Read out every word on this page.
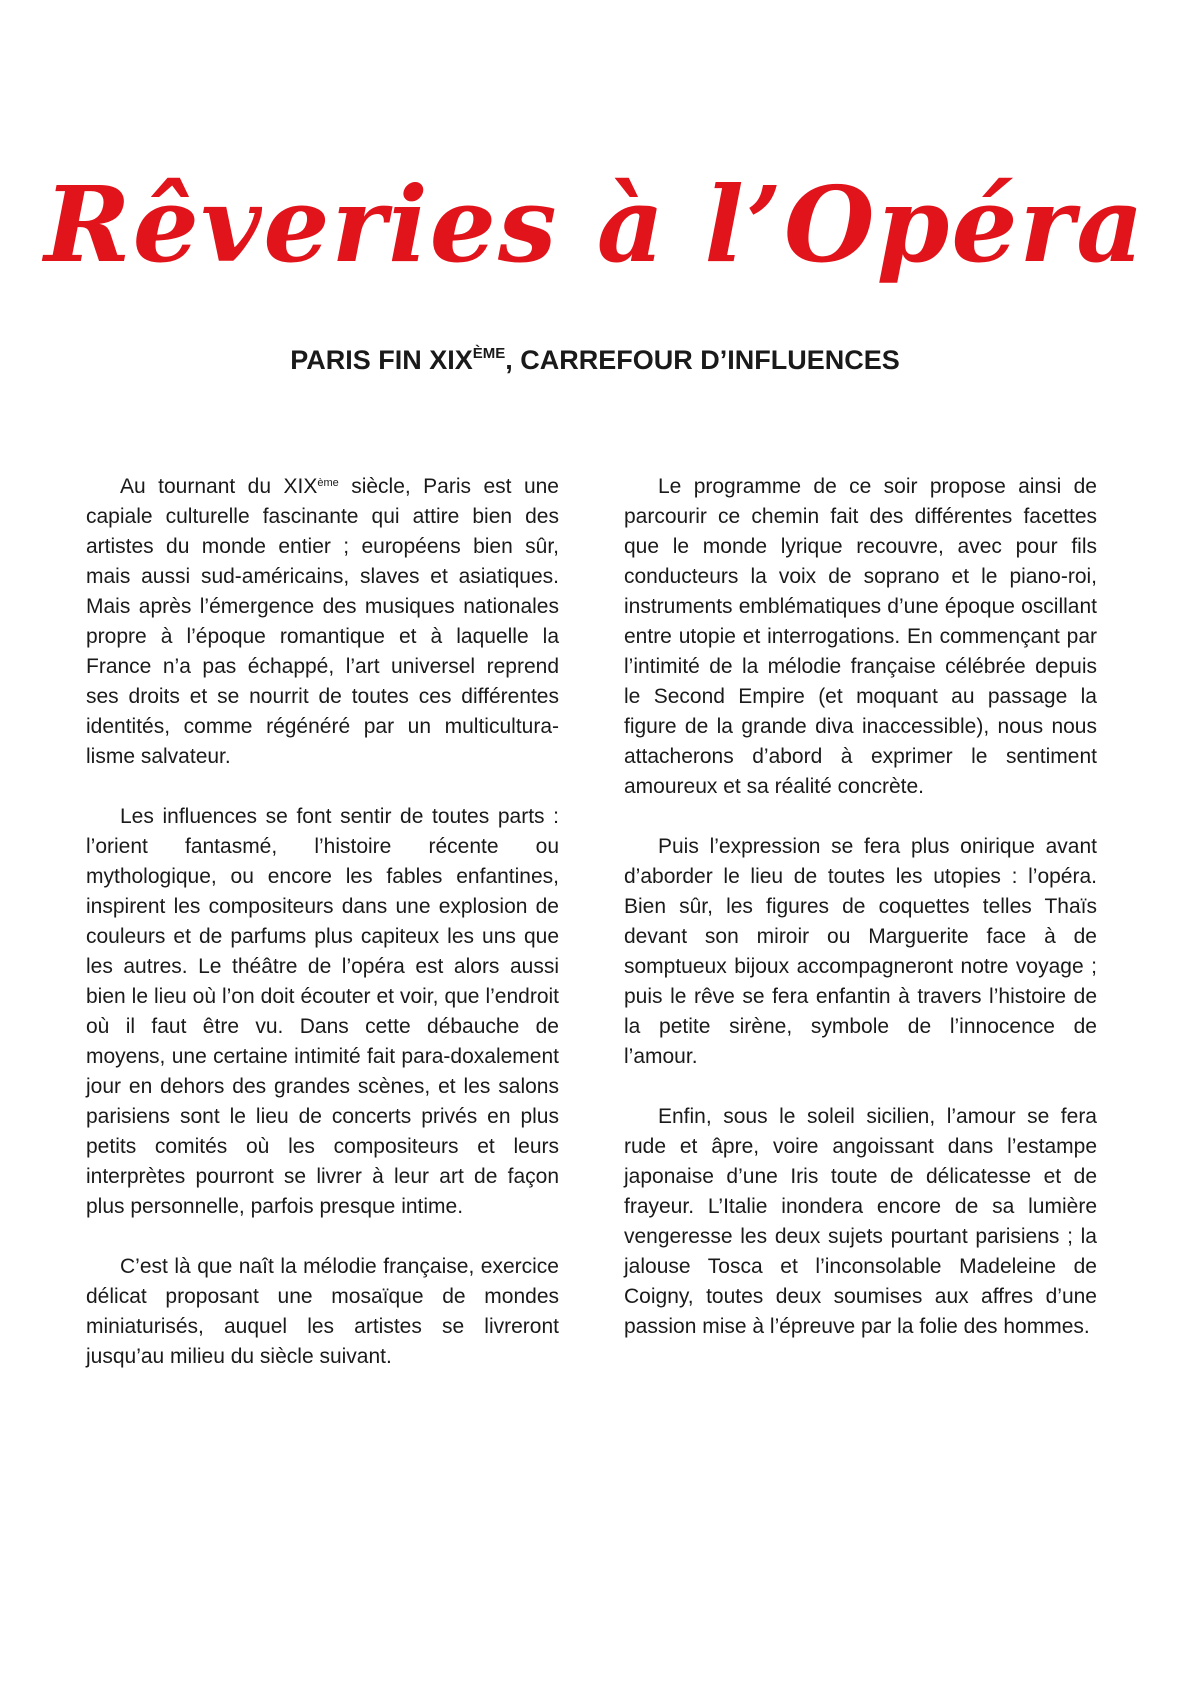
Rêveries à l’Opéra
PARIS FIN XIXÈME, CARREFOUR D’INFLUENCES

Au tournant du XIXème siècle, Paris est une capiale culturelle fascinante qui attire bien des artistes du monde entier ; européens bien sûr, mais aussi sud-américains, slaves et asiatiques. Mais après l’émergence des musiques nationales propre à l’époque romantique et à laquelle la France n’a pas échappé, l’art universel reprend ses droits et se nourrit de toutes ces différentes identités, comme régénéré par un multicultura-lisme salvateur.

Les influences se font sentir de toutes parts : l’orient fantasmé, l’histoire récente ou mythologique, ou encore les fables enfantines, inspirent les compositeurs dans une explosion de couleurs et de parfums plus capiteux les uns que les autres. Le théâtre de l’opéra est alors aussi bien le lieu où l’on doit écouter et voir, que l’endroit où il faut être vu. Dans cette débauche de moyens, une certaine intimité fait para-doxalement jour en dehors des grandes scènes, et les salons parisiens sont le lieu de concerts privés en plus petits comités où les compositeurs et leurs interprètes pourront se livrer à leur art de façon plus personnelle, parfois presque intime.

C’est là que naît la mélodie française, exercice délicat proposant une mosaïque de mondes miniaturisés, auquel les artistes se livreront jusqu’au milieu du siècle suivant.

Le programme de ce soir propose ainsi de parcourir ce chemin fait des différentes facettes que le monde lyrique recouvre, avec pour fils conducteurs la voix de soprano et le piano-roi, instruments emblématiques d’une époque oscillant entre utopie et interrogations. En commençant par l’intimité de la mélodie française célébrée depuis le Second Empire (et moquant au passage la figure de la grande diva inaccessible), nous nous attacherons d’abord à exprimer le sentiment amoureux et sa réalité concrète.

Puis l’expression se fera plus onirique avant d’aborder le lieu de toutes les utopies : l’opéra. Bien sûr, les figures de coquettes telles Thaïs devant son miroir ou Marguerite face à de somptueux bijoux accompagneront notre voyage ; puis le rêve se fera enfantin à travers l’histoire de la petite sirène, symbole de l’innocence de l’amour.

Enfin, sous le soleil sicilien, l’amour se fera rude et âpre, voire angoissant dans l’estampe japonaise d’une Iris toute de délicatesse et de frayeur. L’Italie inondera encore de sa lumière vengeresse les deux sujets pourtant parisiens ; la jalouse Tosca et l’inconsolable Madeleine de Coigny, toutes deux soumises aux affres d’une passion mise à l’épreuve par la folie des hommes.
